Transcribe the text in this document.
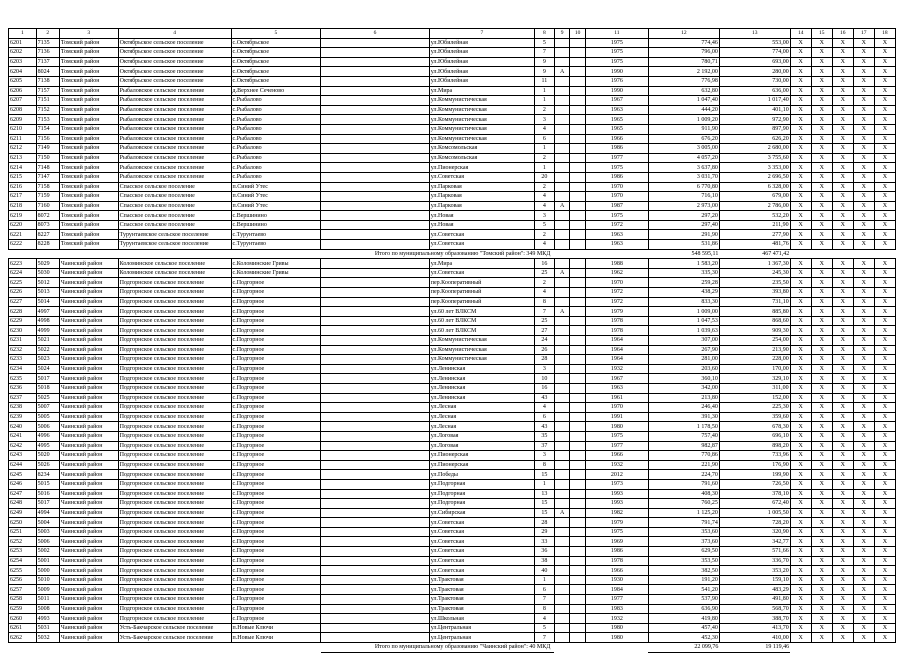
1	2	3	4	5	6	7	8	9	10	11	12	13	14	15	16	17	18
6201	7135	Томский район	Октябрьское сельское поселение	с.Октябрьское		ул.Юбилейная	5			1975	774,46	553,00	X	X	X	X	X
6202	7136	Томский район	Октябрьское сельское поселение	с.Октябрьское		ул.Юбилейная	7			1975	796,00	774,00	X	X	X	X	X
6203	7137	Томский район	Октябрьское сельское поселение	с.Октябрьское		ул.Юбилейная	9			1975	780,71	693,00	X	X	X	X	X
6204	8024	Томский район	Октябрьское сельское поселение	с.Октябрьское		ул.Юбилейная	9	А		1990	2 192,00	280,00	X	X	X	X	X
6205	7138	Томский район	Октябрьское сельское поселение	с.Октябрьское		ул.Юбилейная	11			1976	776,98	730,00	X	X	X	X	X
6206	7157	Томский район	Рыбаловское сельское поселение	д.Верхнее Сеченово		ул.Мира	1			1990	632,80	636,00	X	X	X	X	X
6207	7151	Томский район	Рыбаловское сельское поселение	с.Рыбалово		ул.Коммунистическая	1			1967	1 047,40	1 017,40	X	X	X	X	X
6208	7152	Томский район	Рыбаловское сельское поселение	с.Рыбалово		ул.Коммунистическая	2			1963	444,20	401,10	X	X	X	X	X
6209	7153	Томский район	Рыбаловское сельское поселение	с.Рыбалово		ул.Коммунистическая	3			1965	1 009,20	972,90	X	X	X	X	X
6210	7154	Томский район	Рыбаловское сельское поселение	с.Рыбалово		ул.Коммунистическая	4			1965	911,90	897,90	X	X	X	X	X
6211	7156	Томский район	Рыбаловское сельское поселение	с.Рыбалово		ул.Коммунистическая	6			1966	676,20	626,20	X	X	X	X	X
6212	7149	Томский район	Рыбаловское сельское поселение	с.Рыбалово		ул.Комсомольская	1			1986	3 005,00	2 680,00	X	X	X	X	X
6213	7150	Томский район	Рыбаловское сельское поселение	с.Рыбалово		ул.Комсомольская	2			1977	4 057,20	3 755,60	X	X	X	X	X
6214	7148	Томский район	Рыбаловское сельское поселение	с.Рыбалово		ул.Пионерская	1			1975	3 637,80	3 353,00	X	X	X	X	X
6215	7147	Томский район	Рыбаловское сельское поселение	с.Рыбалово		ул.Советская	20			1986	3 031,70	2 696,50	X	X	X	X	X
6216	7158	Томский район	Спасское сельское поселение	п.Синий Утес		ул.Парковая	2			1970	6 770,80	6 328,00	X	X	X	X	X
6217	7159	Томский район	Спасское сельское поселение	п.Синий Утес		ул.Парковая	4			1970	716,10	679,00	X	X	X	X	X
6218	7160	Томский район	Спасское сельское поселение	п.Синий Утес		ул.Парковая	4	А		1987	2 973,00	2 786,00	X	X	X	X	X
6219	8072	Томский район	Спасское сельское поселение	с.Вершинино		ул.Новая	3			1975	297,20	532,20	X	X	X	X	X
6220	8073	Томский район	Спасское сельское поселение	с.Вершинино		ул.Новая	5			1972	297,40	211,90	X	X	X	X	X
6221	8227	Томский район	Турунтаевское сельское поселение	с.Турунтаево		ул.Советская	2			1963	291,90	277,90	X	X	X	X	X
6222	8228	Томский район	Турунтаевское сельское поселение	с.Турунтаево		ул.Советская	4			1963	531,86	481,76	X	X	X	X	X
					Итого по муниципальному образованию "Томский район": 349 МКД						548 595,11	467 471,42					
6223	5029	Чаинский район	Коломинское сельское поселение	с.Коломинские Гривы		ул.Мира	16			1988	1 583,20	1 367,30	X	X	X	X	X
6224	5030	Чаинский район	Коломинское сельское поселение	с.Коломинские Гривы		ул.Советская	25	А		1962	335,30	245,30	X	X	X	X	X
6225	5012	Чаинский район	Подгорнское сельское поселение	с.Подгорное		пер.Кооперативный	2			1970	259,28	235,50	X	X	X	X	X
6226	5013	Чаинский район	Подгорнское сельское поселение	с.Подгорное		пер.Кооперативный	4			1972	438,29	393,80	X	X	X	X	X
6227	5014	Чаинский район	Подгорнское сельское поселение	с.Подгорное		пер.Кооперативный	8			1972	833,30	731,10	X	X	X	X	X
6228	4997	Чаинский район	Подгорнское сельское поселение	с.Подгорное		ул.60 лет ВЛКСМ	7	А		1979	1 009,00	885,80	X	X	X	X	X
6229	4998	Чаинский район	Подгорнское сельское поселение	с.Подгорное		ул.60 лет ВЛКСМ	25			1978	1 047,53	868,60	X	X	X	X	X
6230	4999	Чаинский район	Подгорнское сельское поселение	с.Подгорное		ул.60 лет ВЛКСМ	27			1978	1 039,63	909,30	X	X	X	X	X
6231	5021	Чаинский район	Подгорнское сельское поселение	с.Подгорное		ул.Коммунистическая	24			1964	307,00	254,00	X	X	X	X	X
6232	5022	Чаинский район	Подгорнское сельское поселение	с.Подгорное		ул.Коммунистическая	26			1964	267,90	213,90	X	X	X	X	X
6233	5023	Чаинский район	Подгорнское сельское поселение	с.Подгорное		ул.Коммунистическая	28			1964	281,00	228,00	X	X	X	X	X
6234	5024	Чаинский район	Подгорнское сельское поселение	с.Подгорное		ул.Ленинская	3			1932	203,60	170,00	X	X	X	X	X
6235	5017	Чаинский район	Подгорнское сельское поселение	с.Подгорное		ул.Ленинская	10			1967	360,10	329,10	X	X	X	X	X
6236	5018	Чаинский район	Подгорнское сельское поселение	с.Подгорное		ул.Ленинская	16			1963	342,00	311,00	X	X	X	X	X
6237	5025	Чаинский район	Подгорнское сельское поселение	с.Подгорное		ул.Ленинская	43			1961	213,80	152,00	X	X	X	X	X
6238	5007	Чаинский район	Подгорнское сельское поселение	с.Подгорное		ул.Лесная	4			1970	246,40	225,30	X	X	X	X	X
6239	5005	Чаинский район	Подгорнское сельское поселение	с.Подгорное		ул.Лесная	6			1991	391,30	359,60	X	X	X	X	X
6240	5006	Чаинский район	Подгорнское сельское поселение	с.Подгорное		ул.Лесная	43			1980	1 178,50	678,30	X	X	X	X	X
6241	4996	Чаинский район	Подгорнское сельское поселение	с.Подгорное		ул.Логовая	35			1975	757,40	696,10	X	X	X	X	X
6242	4995	Чаинский район	Подгорнское сельское поселение	с.Подгорное		ул.Логовая	37			1977	982,87	898,20	X	X	X	X	X
6243	5020	Чаинский район	Подгорнское сельское поселение	с.Подгорное		ул.Пионерская	3			1966	770,86	733,96	X	X	X	X	X
6244	5026	Чаинский район	Подгорнское сельское поселение	с.Подгорное		ул.Пионерская	8			1932	221,90	176,90	X	X	X	X	X
6245	8234	Чаинский район	Подгорнское сельское поселение	с.Подгорное		ул.Победы	15			2012	224,70	199,90	X	X	X	X	X
6246	5015	Чаинский район	Подгорнское сельское поселение	с.Подгорное		ул.Подгорная	1			1973	791,60	726,50	X	X	X	X	X
6247	5016	Чаинский район	Подгорнское сельское поселение	с.Подгорное		ул.Подгорная	13			1993	408,30	378,10	X	X	X	X	X
6248	5017	Чаинский район	Подгорнское сельское поселение	с.Подгорное		ул.Подгорная	15			1993	760,25	672,40	X	X	X	X	X
6249	4994	Чаинский район	Подгорнское сельское поселение	с.Подгорное		ул.Сибирская	15	А		1982	1 125,20	1 005,50	X	X	X	X	X
6250	5004	Чаинский район	Подгорнское сельское поселение	с.Подгорное		ул.Советская	28			1979	791,74	728,20	X	X	X	X	X
6251	5003	Чаинский район	Подгорнское сельское поселение	с.Подгорное		ул.Советская	29			1975	353,60	320,90	X	X	X	X	X
6252	5006	Чаинский район	Подгорнское сельское поселение	с.Подгорное		ул.Советская	33			1969	373,60	342,77	X	X	X	X	X
6253	5002	Чаинский район	Подгорнское сельское поселение	с.Подгорное		ул.Советская	36			1986	629,50	571,66	X	X	X	X	X
6254	5001	Чаинский район	Подгорнское сельское поселение	с.Подгорное		ул.Советская	38			1978	353,50	336,70	X	X	X	X	X
6255	5000	Чаинский район	Подгорнское сельское поселение	с.Подгорное		ул.Советская	40			1966	382,50	353,20	X	X	X	X	X
6256	5010	Чаинский район	Подгорнское сельское поселение	с.Подгорное		ул.Трактовая	1			1930	191,20	159,10	X	X	X	X	X
6257	5009	Чаинский район	Подгорнское сельское поселение	с.Подгорное		ул.Трактовая	6			1984	541,20	483,29	X	X	X	X	X
6258	5011	Чаинский район	Подгорнское сельское поселение	с.Подгорное		ул.Трактовая	7			1977	537,90	491,80	X	X	X	X	X
6259	5008	Чаинский район	Подгорнское сельское поселение	с.Подгорное		ул.Трактовая	8			1983	636,90	568,70	X	X	X	X	X
6260	4993	Чаинский район	Подгорнское сельское поселение	с.Подгорное		ул.Школьная	4			1932	419,80	388,70	X	X	X	X	X
6261	5031	Чаинский район	Усть-Бакчарское сельское поселение	п.Новые Ключи		ул.Центральная	5			1980	457,40	413,70	X	X	X	X	X
6262	5032	Чаинский район	Усть-Бакчарское сельское поселение	п.Новые Ключи		ул.Центральная	7			1980	452,30	410,00	X	X	X	X	X
					Итого по муниципальному образованию "Чаинский район": 40 МКД						22 099,76	19 119,46					
